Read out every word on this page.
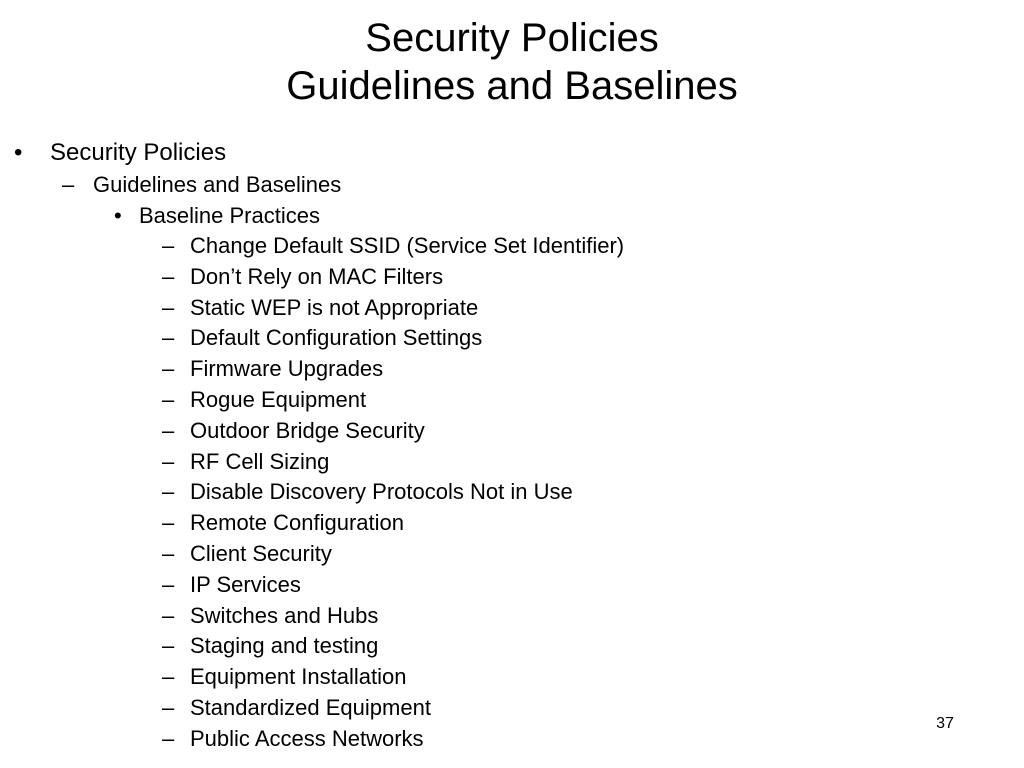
Security Policies
Guidelines and Baselines
• Security Policies
– Guidelines and Baselines
• Baseline Practices
– Change Default SSID (Service Set Identifier)
– Don’t Rely on MAC Filters
– Static WEP is not Appropriate
– Default Configuration Settings
– Firmware Upgrades
– Rogue Equipment
– Outdoor Bridge Security
– RF Cell Sizing
– Disable Discovery Protocols Not in Use
– Remote Configuration
– Client Security
– IP Services
– Switches and Hubs
– Staging and testing
– Equipment Installation
– Standardized Equipment
– Public Access Networks
37
